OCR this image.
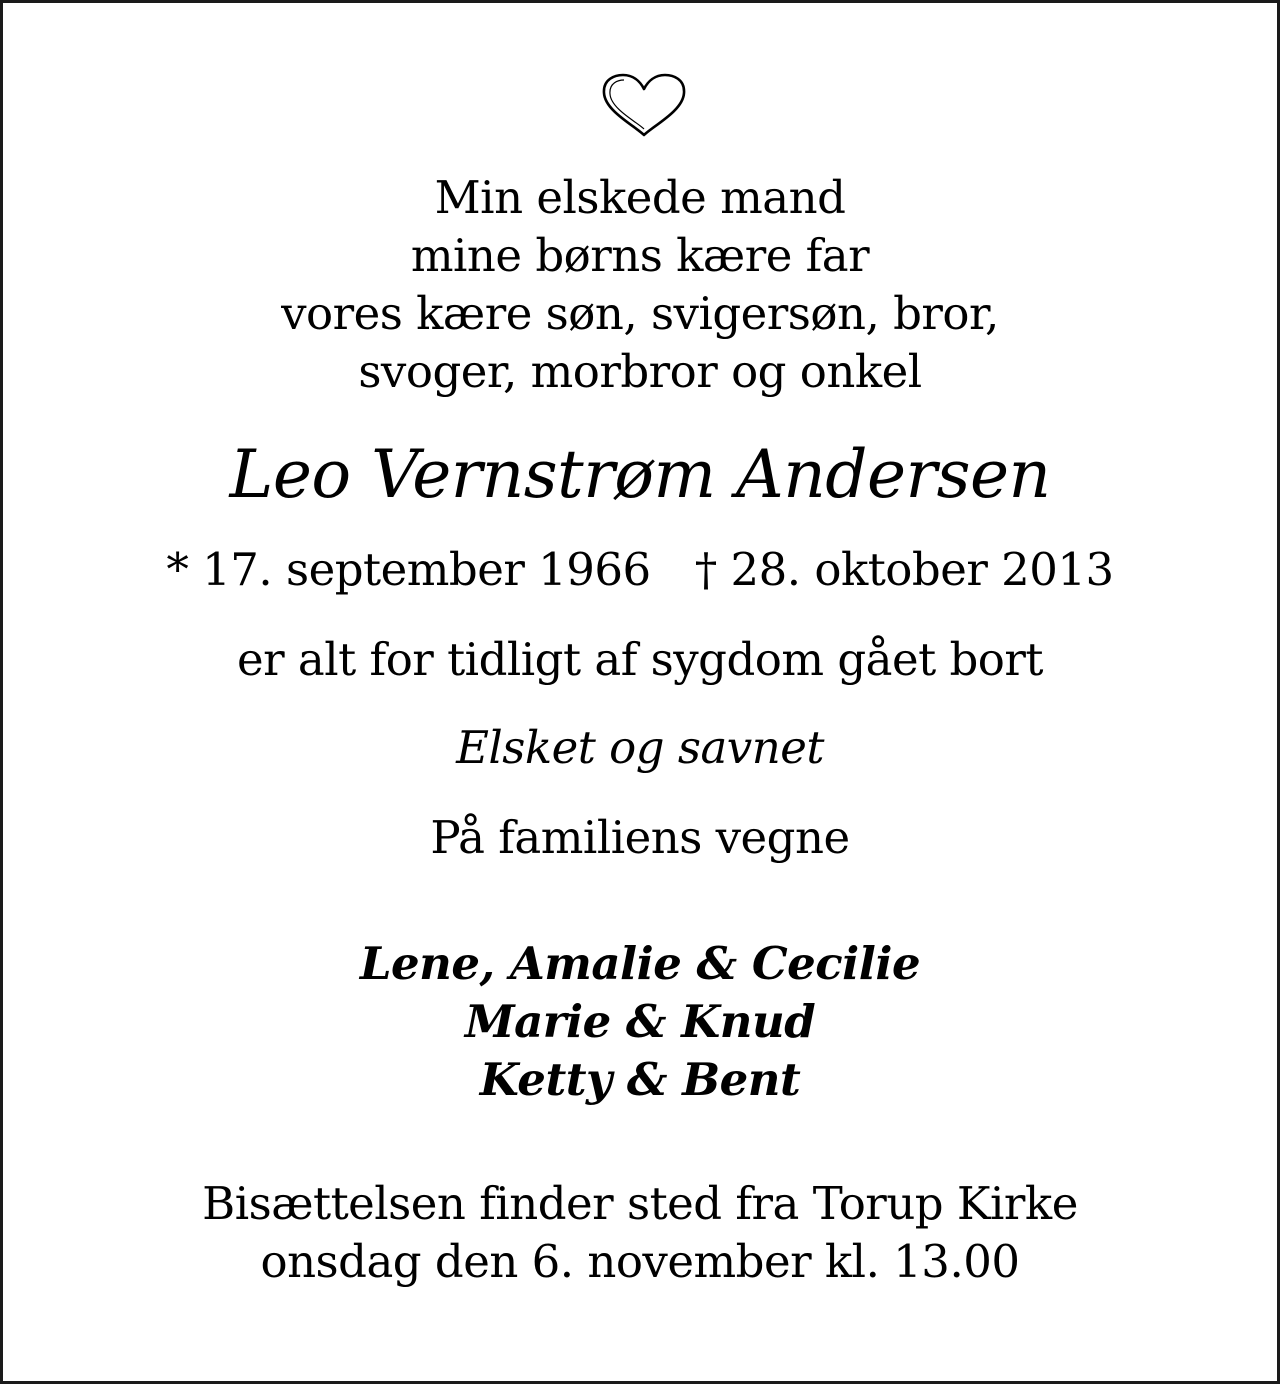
Min elskede mand
mine børns kære far
vores kære søn, svigersøn, bror,
svoger, morbror og onkel
Leo Vernstrøm Andersen
* 17. september 1966 † 28. oktober 2013
er alt for tidligt af sygdom gået bort
Elsket og savnet
På familiens vegne
Lene, Amalie & Cecilie
Marie & Knud
Ketty & Bent
Bisættelsen finder sted fra Torup Kirke
onsdag den 6. november kl. 13.00
